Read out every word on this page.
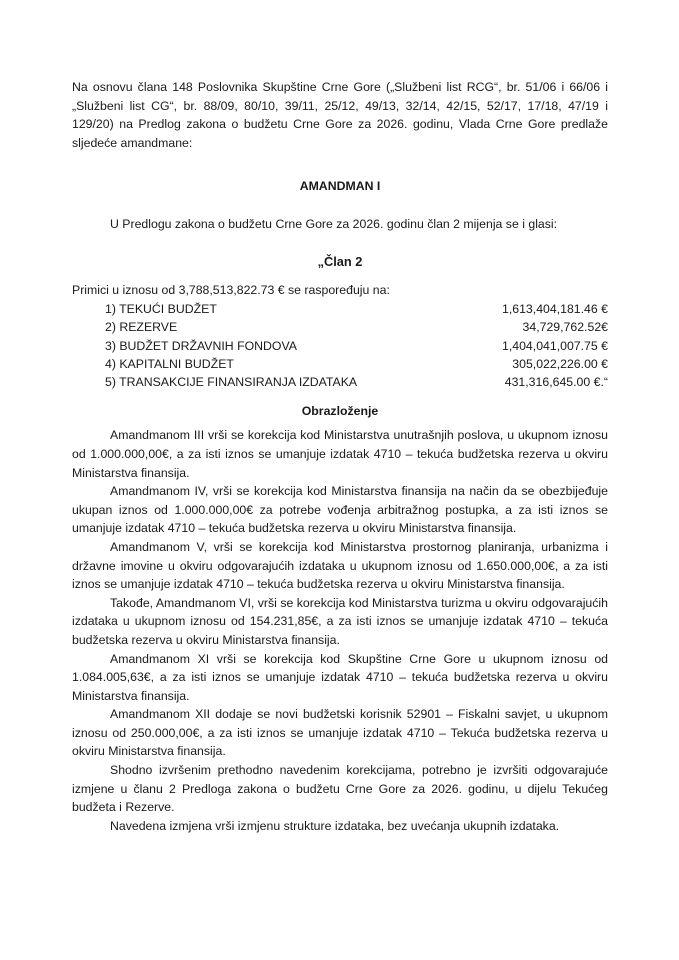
Na osnovu člana 148 Poslovnika Skupštine Crne Gore („Službeni list RCG“, br. 51/06 i 66/06 i „Službeni list CG“, br. 88/09, 80/10, 39/11, 25/12, 49/13, 32/14, 42/15, 52/17, 17/18, 47/19 i 129/20) na Predlog zakona o budžetu Crne Gore za 2026. godinu, Vlada Crne Gore predlaže sljedeće amandmane:

AMANDMAN I

U Predlogu zakona o budžetu Crne Gore za 2026. godinu član 2 mijenja se i glasi:

„Član 2

Primici u iznosu od 3,788,513,822.73 € se raspoređuju na:

1) TEKUĆI BUDŽET	1,613,404,181.46 €
2) REZERVE	34,729,762.52€
3) BUDŽET DRŽAVNIH FONDOVA	1,404,041,007.75 €
4) KAPITALNI BUDŽET	305,022,226.00 €
5) TRANSAKCIJE FINANSIRANJA IZDATAKA	431,316,645.00 €.“

Obrazloženje

Amandmanom III vrši se korekcija kod Ministarstva unutrašnjih poslova, u ukupnom iznosu od 1.000.000,00€, a za isti iznos se umanjuje izdatak 4710 – tekuća budžetska rezerva u okviru Ministarstva finansija.

Amandmanom IV, vrši se korekcija kod Ministarstva finansija na način da se obezbijeđuje ukupan iznos od 1.000.000,00€ za potrebe vođenja arbitražnog postupka, a za isti iznos se umanjuje izdatak 4710 – tekuća budžetska rezerva u okviru Ministarstva finansija.

Amandmanom V, vrši se korekcija kod Ministarstva prostornog planiranja, urbanizma i državne imovine u okviru odgovarajućih izdataka u ukupnom iznosu od 1.650.000,00€, a za isti iznos se umanjuje izdatak 4710 – tekuća budžetska rezerva u okviru Ministarstva finansija.

Takođe, Amandmanom VI, vrši se korekcija kod Ministarstva turizma u okviru odgovarajućih izdataka u ukupnom iznosu od 154.231,85€, a za isti iznos se umanjuje izdatak 4710 – tekuća budžetska rezerva u okviru Ministarstva finansija.

Amandmanom XI vrši se korekcija kod Skupštine Crne Gore u ukupnom iznosu od 1.084.005,63€, a za isti iznos se umanjuje izdatak 4710 – tekuća budžetska rezerva u okviru Ministarstva finansija.

Amandmanom XII dodaje se novi budžetski korisnik 52901 – Fiskalni savjet, u ukupnom iznosu od 250.000,00€, a za isti iznos se umanjuje izdatak 4710 – Tekuća budžetska rezerva u okviru Ministarstva finansija.

Shodno izvršenim prethodno navedenim korekcijama, potrebno je izvršiti odgovarajuće izmjene u članu 2 Predloga zakona o budžetu Crne Gore za 2026. godinu, u dijelu Tekućeg budžeta i Rezerve.

Navedena izmjena vrši izmjenu strukture izdataka, bez uvećanja ukupnih izdataka.
